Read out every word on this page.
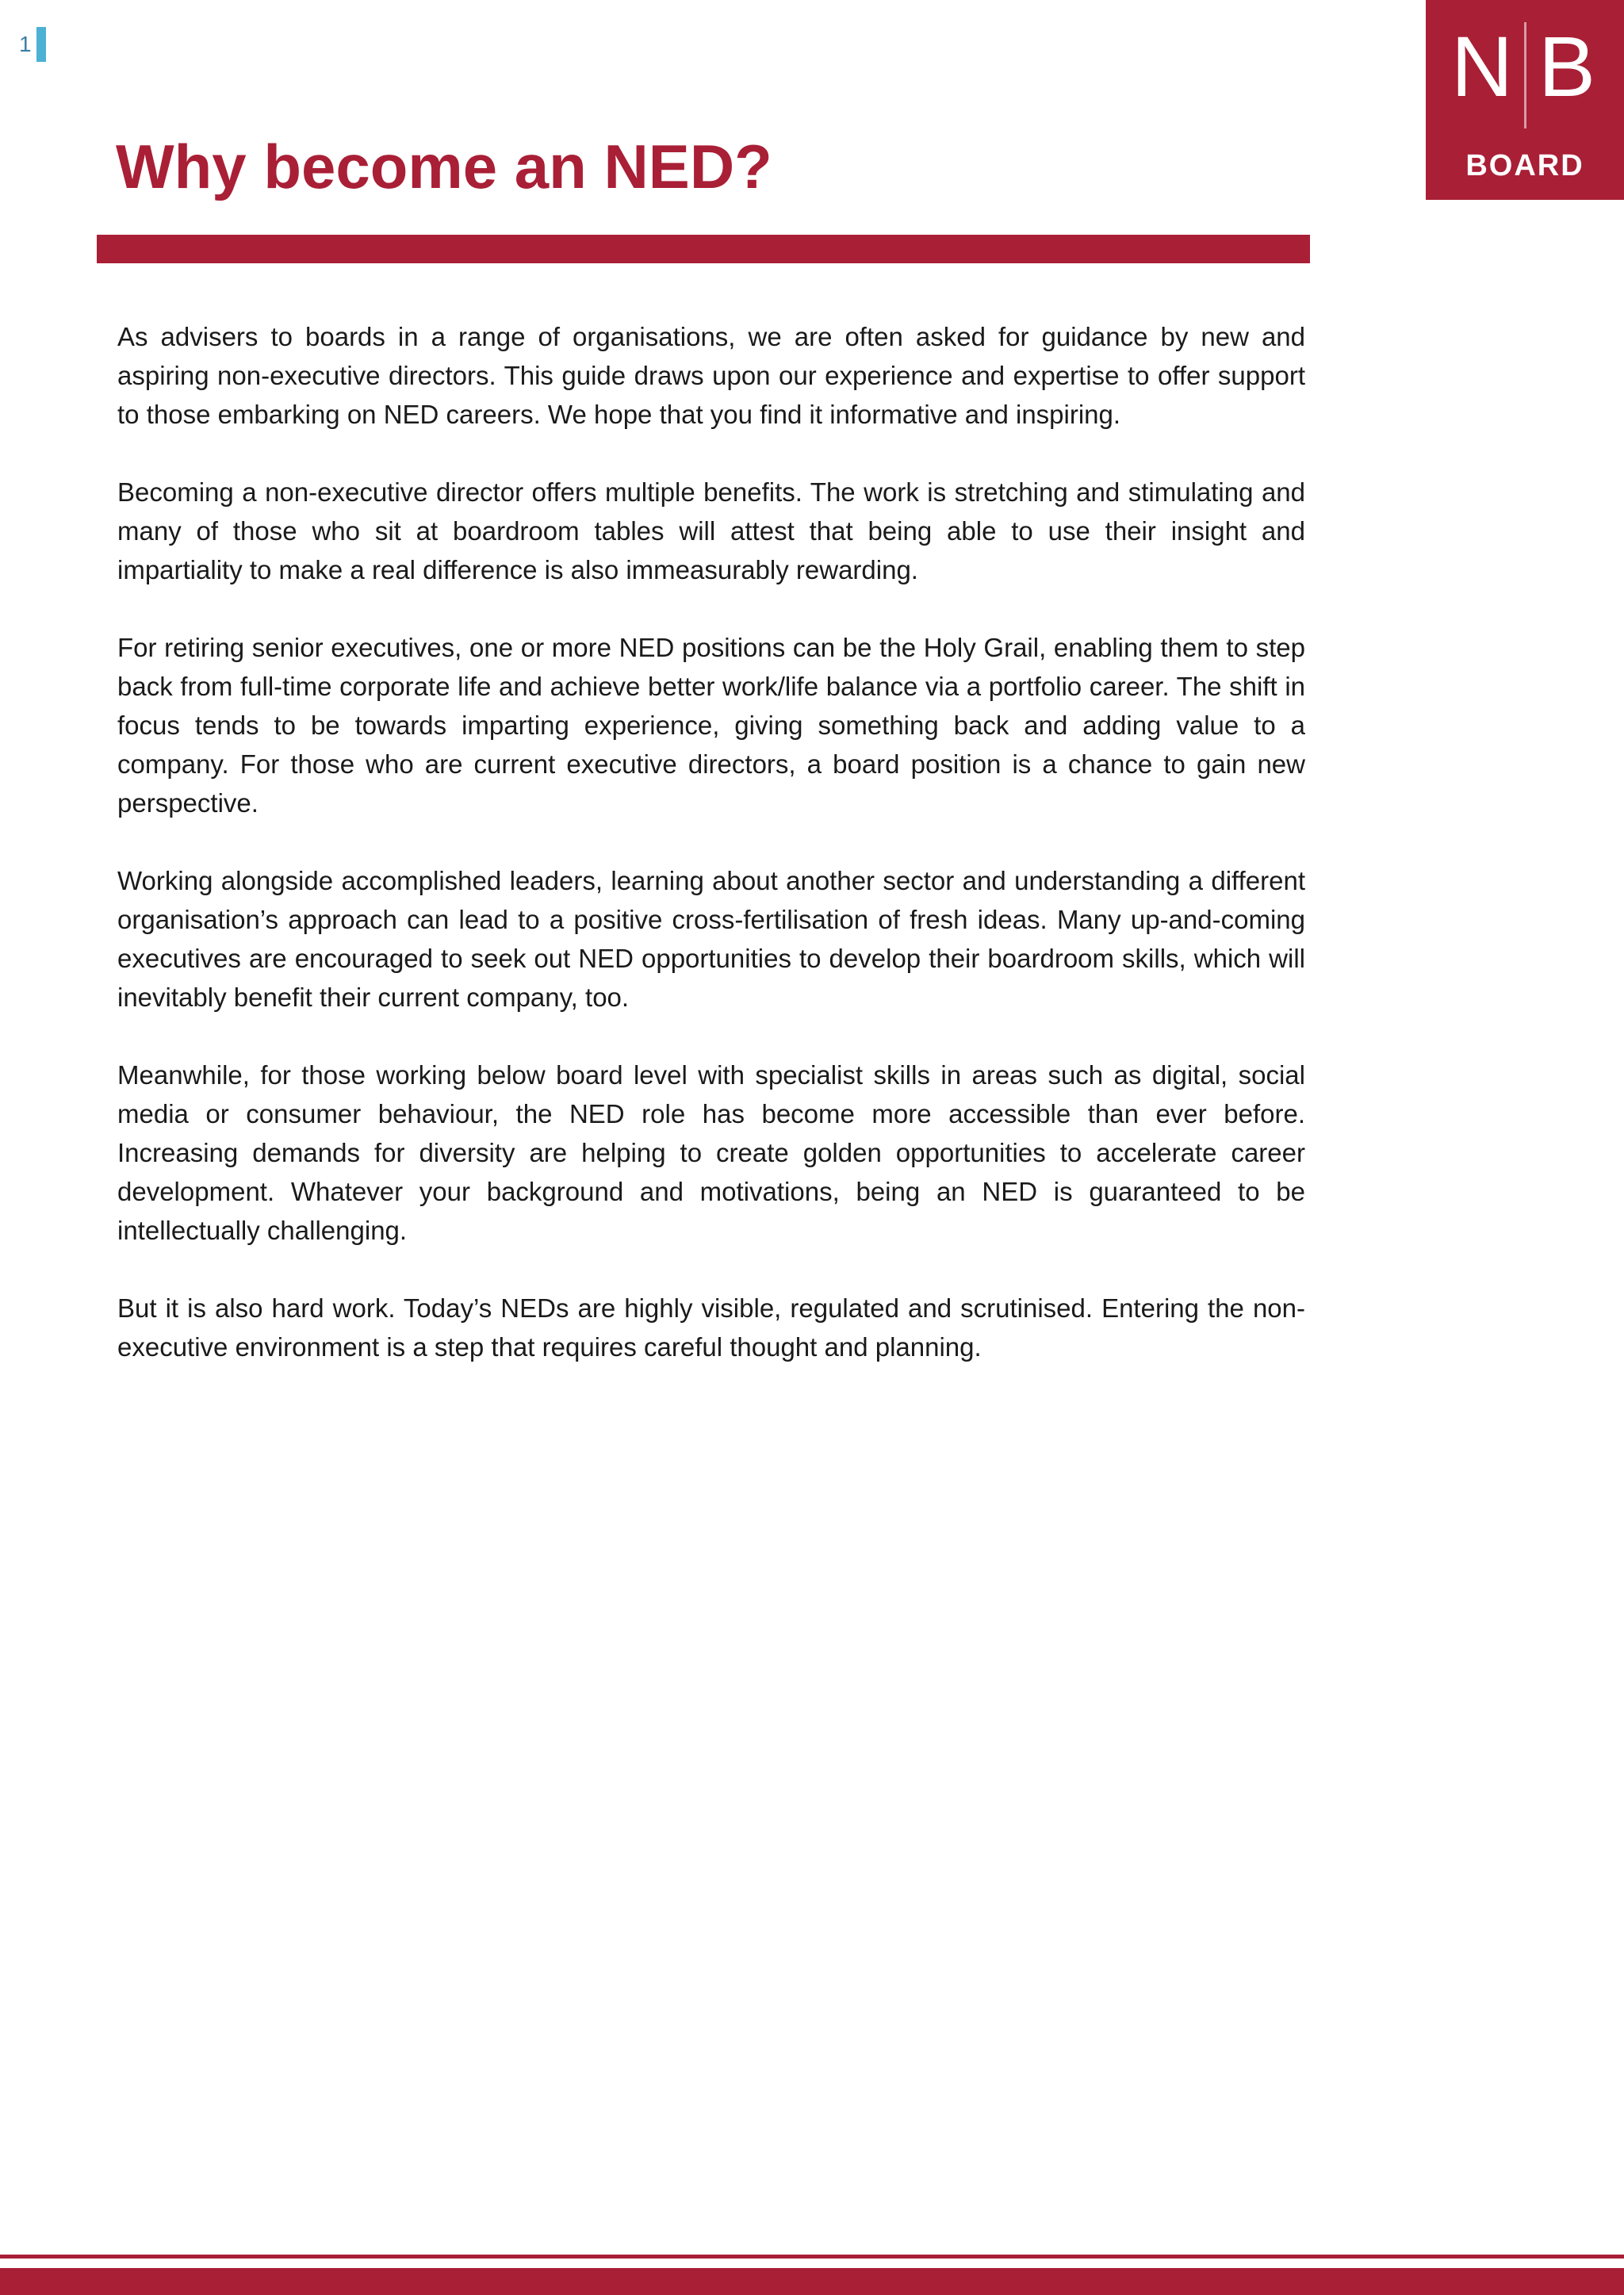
1	N B
BOARD
Why become an NED?

As advisers to boards in a range of organisations, we are often asked for guidance by new and aspiring non-executive directors. This guide draws upon our experience and expertise to offer support to those embarking on NED careers. We hope that you find it informative and inspiring.

Becoming a non-executive director offers multiple benefits. The work is stretching and stimulating and many of those who sit at boardroom tables will attest that being able to use their insight and impartiality to make a real difference is also immeasurably rewarding.

For retiring senior executives, one or more NED positions can be the Holy Grail, enabling them to step back from full-time corporate life and achieve better work/life balance via a portfolio career. The shift in focus tends to be towards imparting experience, giving something back and adding value to a company. For those who are current executive directors, a board position is a chance to gain new perspective.

Working alongside accomplished leaders, learning about another sector and understanding a different organisation’s approach can lead to a positive cross-fertilisation of fresh ideas. Many up-and-coming executives are encouraged to seek out NED opportunities to develop their boardroom skills, which will inevitably benefit their current company, too.

Meanwhile, for those working below board level with specialist skills in areas such as digital, social media or consumer behaviour, the NED role has become more accessible than ever before. Increasing demands for diversity are helping to create golden opportunities to accelerate career development. Whatever your background and motivations, being an NED is guaranteed to be intellectually challenging.

But it is also hard work. Today’s NEDs are highly visible, regulated and scrutinised. Entering the non-executive environment is a step that requires careful thought and planning.
